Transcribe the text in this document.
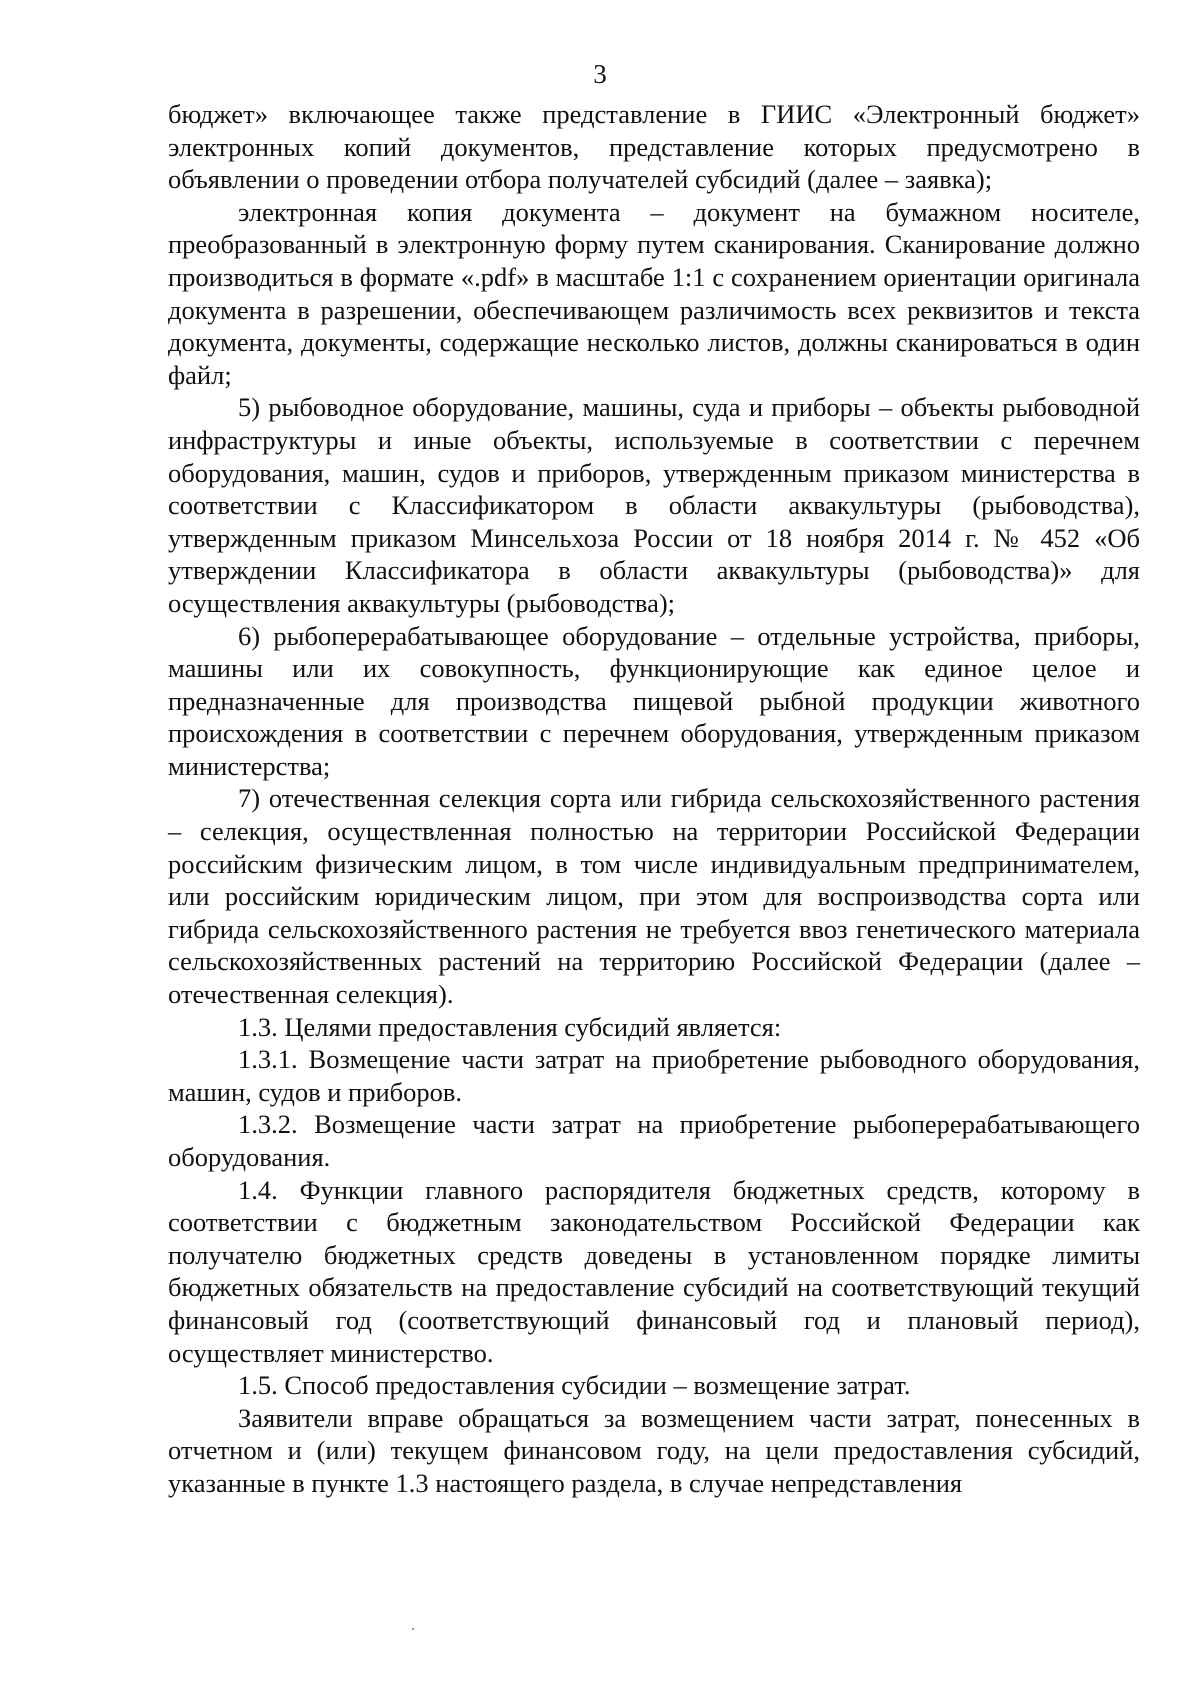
3

бюджет» включающее также представление в ГИИС «Электронный бюджет» электронных копий документов, представление которых предусмотрено в объявлении о проведении отбора получателей субсидий (далее – заявка);

электронная копия документа – документ на бумажном носителе, преобразованный в электронную форму путем сканирования. Сканирование должно производиться в формате «.pdf» в масштабе 1:1 с сохранением ориентации оригинала документа в разрешении, обеспечивающем различимость всех реквизитов и текста документа, документы, содержащие несколько листов, должны сканироваться в один файл;

5) рыбоводное оборудование, машины, суда и приборы – объекты рыбоводной инфраструктуры и иные объекты, используемые в соответствии с перечнем оборудования, машин, судов и приборов, утвержденным приказом министерства в соответствии с Классификатором в области аквакультуры (рыбоводства), утвержденным приказом Минсельхоза России от 18 ноября 2014 г. № 452 «Об утверждении Классификатора в области аквакультуры (рыбоводства)» для осуществления аквакультуры (рыбоводства);

6) рыбоперерабатывающее оборудование – отдельные устройства, приборы, машины или их совокупность, функционирующие как единое целое и предназначенные для производства пищевой рыбной продукции животного происхождения в соответствии с перечнем оборудования, утвержденным приказом министерства;

7) отечественная селекция сорта или гибрида сельскохозяйственного растения – селекция, осуществленная полностью на территории Российской Федерации российским физическим лицом, в том числе индивидуальным предпринимателем, или российским юридическим лицом, при этом для воспроизводства сорта или гибрида сельскохозяйственного растения не требуется ввоз генетического материала сельскохозяйственных растений на территорию Российской Федерации (далее – отечественная селекция).

1.3. Целями предоставления субсидий является:

1.3.1. Возмещение части затрат на приобретение рыбоводного оборудования, машин, судов и приборов.

1.3.2. Возмещение части затрат на приобретение рыбоперерабатывающего оборудования.

1.4. Функции главного распорядителя бюджетных средств, которому в соответствии с бюджетным законодательством Российской Федерации как получателю бюджетных средств доведены в установленном порядке лимиты бюджетных обязательств на предоставление субсидий на соответствующий текущий финансовый год (соответствующий финансовый год и плановый период), осуществляет министерство.

1.5. Способ предоставления субсидии – возмещение затрат.

Заявители вправе обращаться за возмещением части затрат, понесенных в отчетном и (или) текущем финансовом году, на цели предоставления субсидий, указанные в пункте 1.3 настоящего раздела, в случае непредставления
